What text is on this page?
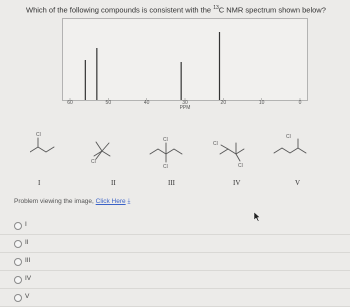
Which of the following compounds is consistent with the $^{13}$C NMR spectrum shown below?
60	50	40	30	20	10	0
PPM
Cl
Cl
Cl
Cl
Cl
Cl
Cl
I	II	III	IV	V
Problem viewing the image, Click Here ⤓
I
II
III
IV
V
